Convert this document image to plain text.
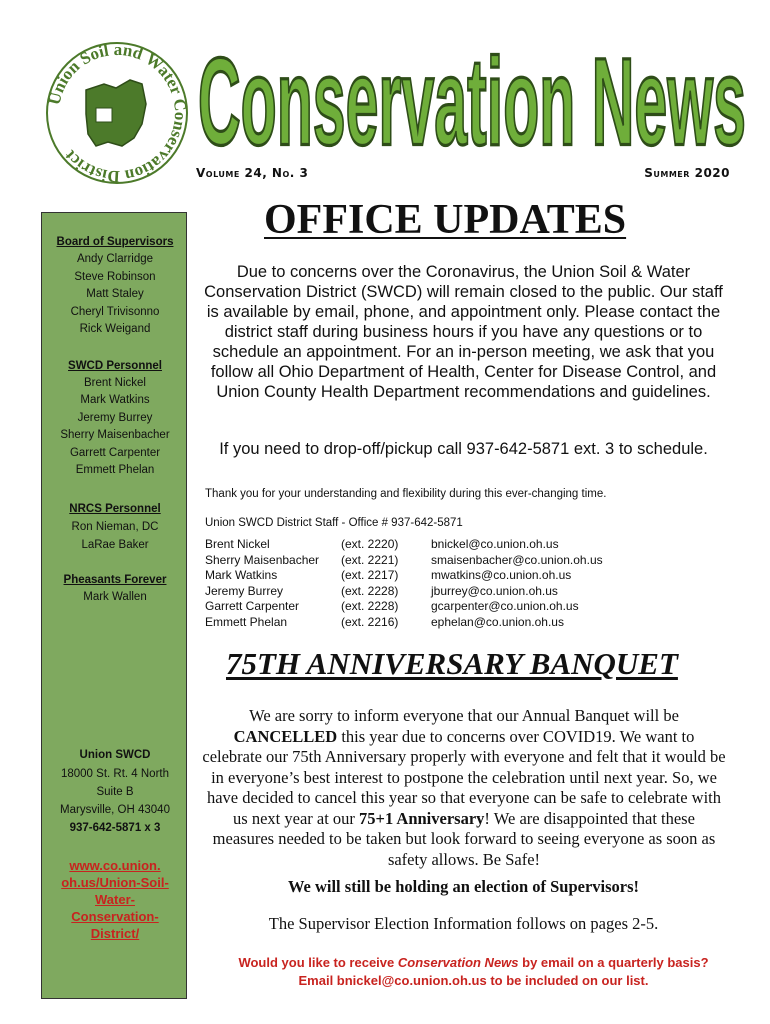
Union Soil and Water Conservation District	Conservation News
Volume 24, No. 3	Summer 2020
Board of Supervisors
Andy Clarridge
Steve Robinson
Matt Staley
Cheryl Trivisonno
Rick Weigand
SWCD Personnel
Brent Nickel
Mark Watkins
Jeremy Burrey
Sherry Maisenbacher
Garrett Carpenter
Emmett Phelan
NRCS Personnel
Ron Nieman, DC
LaRae Baker
Pheasants Forever
Mark Wallen
Union SWCD
18000 St. Rt. 4 North
Suite B
Marysville, OH 43040
937-642-5871 x 3
www.co.union.
oh.us/Union-Soil-
Water-
Conservation-
District/
OFFICE UPDATES
Due to concerns over the Coronavirus, the Union Soil & Water Conservation District (SWCD) will remain closed to the public. Our staff is available by email, phone, and appointment only. Please contact the district staff during business hours if you have any questions or to schedule an appointment. For an in-person meeting, we ask that you follow all Ohio Department of Health, Center for Disease Control, and Union County Health Department recommendations and guidelines.
If you need to drop-off/pickup call 937-642-5871 ext. 3 to schedule.
Thank you for your understanding and flexibility during this ever-changing time.
Union SWCD District Staff - Office # 937-642-5871
Brent Nickel
Sherry Maisenbacher
Mark Watkins
Jeremy Burrey
Garrett Carpenter
Emmett Phelan
(ext. 2220)
(ext. 2221)
(ext. 2217)
(ext. 2228)
(ext. 2228)
(ext. 2216)
bnickel@co.union.oh.us
smaisenbacher@co.union.oh.us
mwatkins@co.union.oh.us
jburrey@co.union.oh.us
gcarpenter@co.union.oh.us
ephelan@co.union.oh.us
75TH ANNIVERSARY BANQUET
We are sorry to inform everyone that our Annual Banquet will be CANCELLED this year due to concerns over COVID19. We want to celebrate our 75th Anniversary properly with everyone and felt that it would be in everyone’s best interest to postpone the celebration until next year. So, we have decided to cancel this year so that everyone can be safe to celebrate with us next year at our 75+1 Anniversary! We are disappointed that these measures needed to be taken but look forward to seeing everyone as soon as safety allows. Be Safe!
We will still be holding an election of Supervisors!
The Supervisor Election Information follows on pages 2-5.
Would you like to receive Conservation News by email on a quarterly basis?
Email bnickel@co.union.oh.us to be included on our list.
